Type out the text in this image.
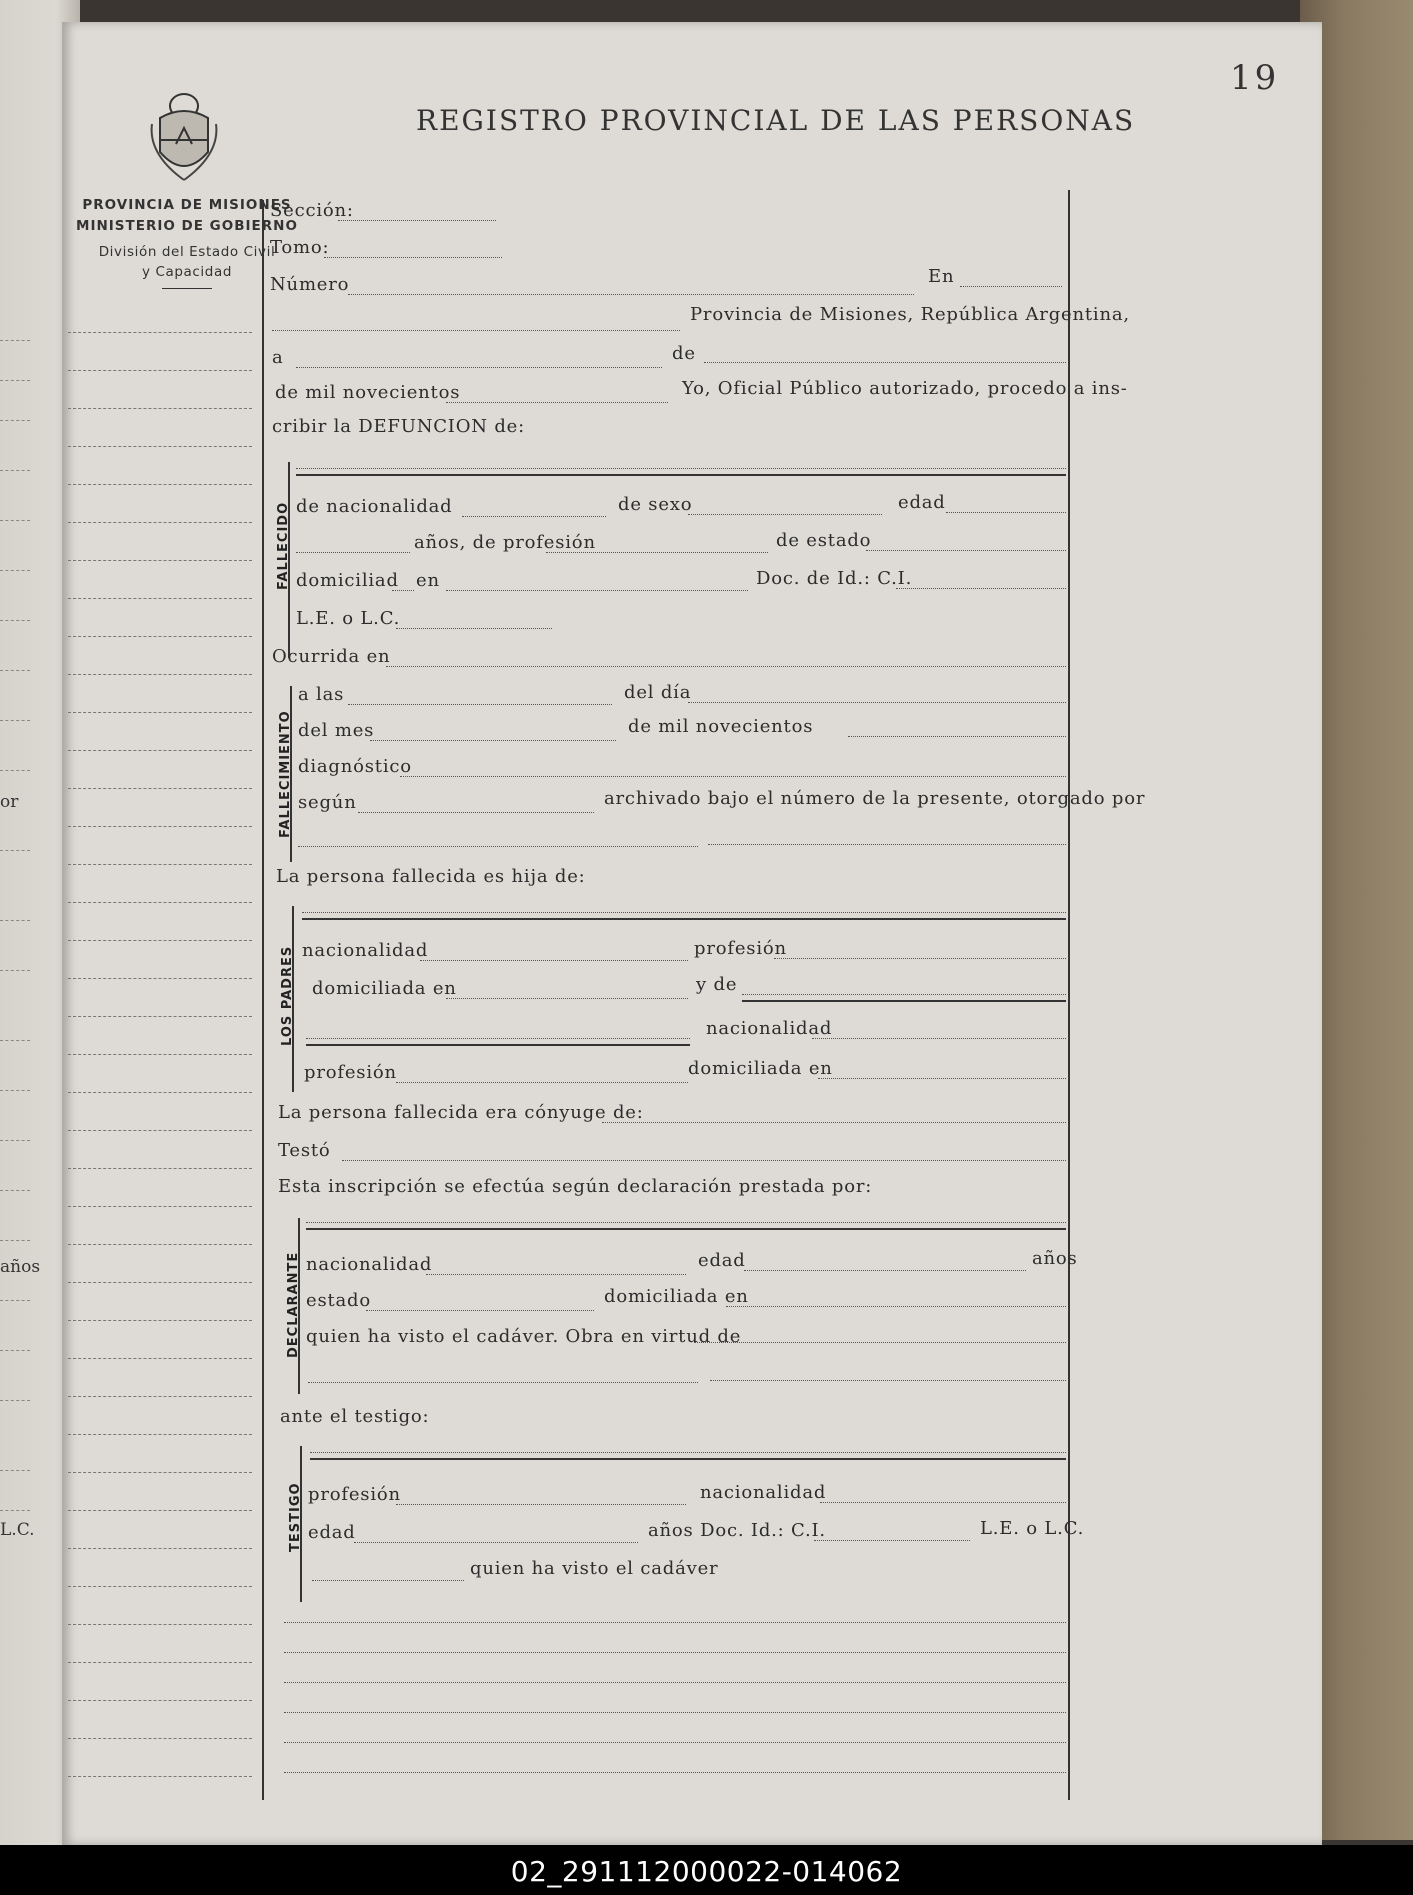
or
años
L.C.
19
REGISTRO PROVINCIAL DE LAS PERSONAS
PROVINCIA DE MISIONES
MINISTERIO DE GOBIERNO
División del Estado Civil
y Capacidad
Sección:
Tomo:
Número	En
Provincia de Misiones, República Argentina,
a	de
de mil novecientos	Yo, Oficial Público autorizado, procedo a ins-
cribir la DEFUNCION de:
FALLECIDO de nacionalidad	de sexo	edad
años, de profesión	de estado
domiciliad en	Doc. de Id.: C.I.
L.E. o L.C.
Ocurrida en
FALLECIMIENTO
a las	del día
del mes	de mil novecientos
diagnóstico
según	archivado bajo el número de la presente, otorgado por
La persona fallecida es hija de:
LOS PADRES nacionalidad	profesión
domiciliada en	y de
nacionalidad
profesión	domiciliada en
La persona fallecida era cónyuge de:
Testó
Esta inscripción se efectúa según declaración prestada por:
DECLARANTE nacionalidad	edad	años
estado	domiciliada en
quien ha visto el cadáver. Obra en virtud de
ante el testigo:
TESTIGO profesión	nacionalidad
edad	años Doc. Id.: C.I.	L.E. o L.C.
quien ha visto el cadáver
02_291112000022-014062
